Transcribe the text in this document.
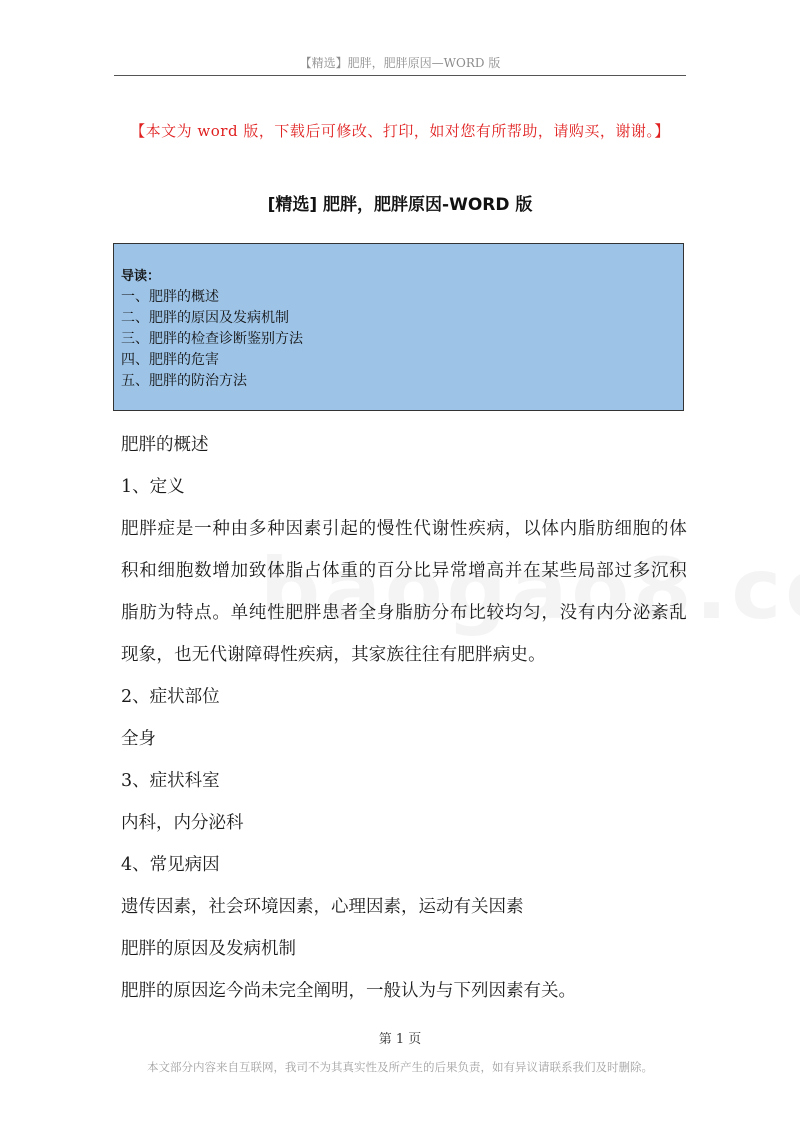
【精选】肥胖，肥胖原因—WORD 版
【本文为 word 版，下载后可修改、打印，如对您有所帮助，请购买，谢谢。】
[精选] 肥胖，肥胖原因-WORD 版
导读：
一、肥胖的概述
二、肥胖的原因及发病机制
三、肥胖的检查诊断鉴别方法
四、肥胖的危害
五、肥胖的防治方法

肥胖的概述

1、定义

肥胖症是一种由多种因素引起的慢性代谢性疾病，以体内脂肪细胞的体积和细胞数增加致体脂占体重的百分比异常增高并在某些局部过多沉积脂肪为特点。单纯性肥胖患者全身脂肪分布比较均匀，没有内分泌紊乱现象，也无代谢障碍性疾病，其家族往往有肥胖病史。

2、症状部位

全身

3、症状科室

内科，内分泌科

4、常见病因

遗传因素，社会环境因素，心理因素，运动有关因素

肥胖的原因及发病机制

肥胖的原因迄今尚未完全阐明，一般认为与下列因素有关。

第 1 页
本文部分内容来自互联网，我司不为其真实性及所产生的后果负责，如有异议请联系我们及时删除。
